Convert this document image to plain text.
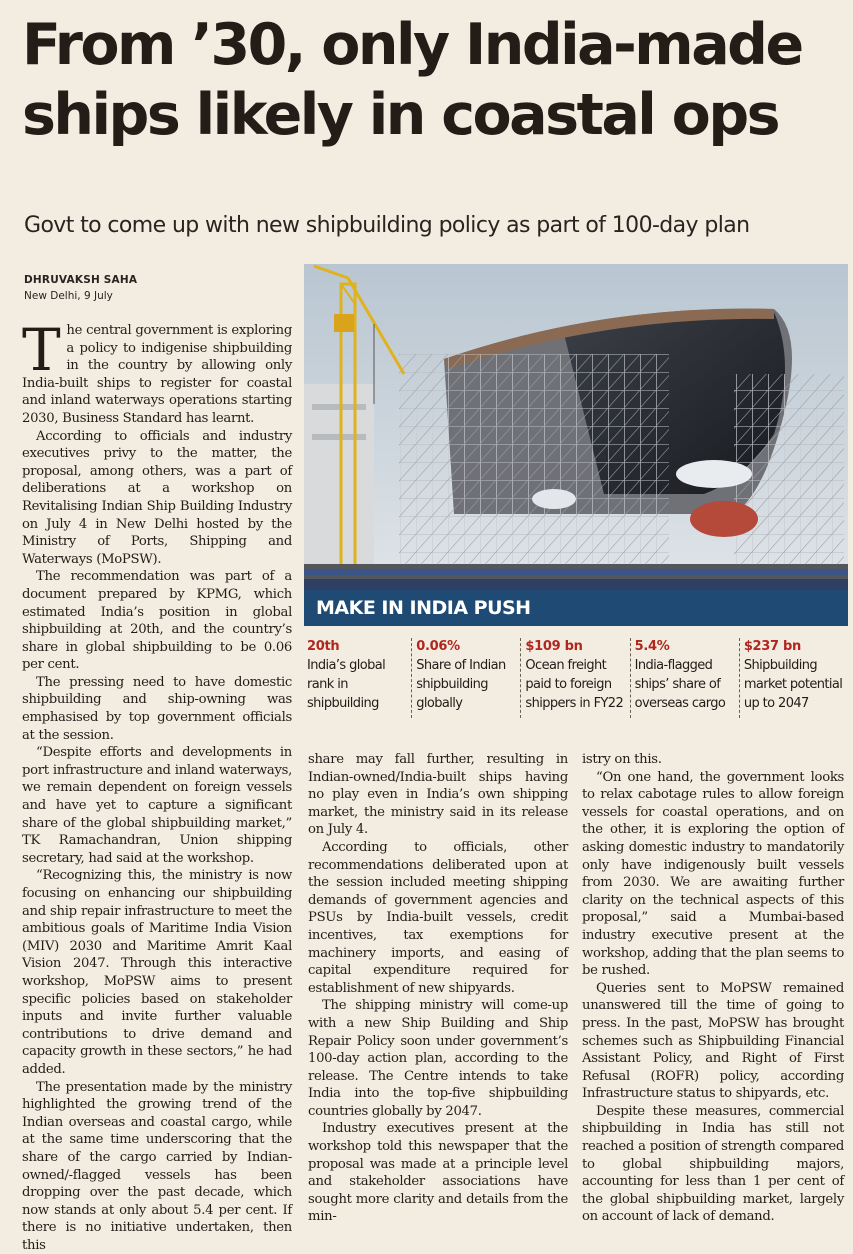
From ’30, only India-made ships likely in coastal ops
Govt to come up with new shipbuilding policy as part of 100-day plan
DHRUVAKSH SAHA
New Delhi, 9 July

The central government is exploring a policy to indigenise shipbuilding in the country by allowing only India-built ships to register for coastal and inland waterways operations starting 2030, Business Standard has learnt.

According to officials and industry executives privy to the matter, the proposal, among others, was a part of deliberations at a workshop on Revitalising Indian Ship Building Industry on July 4 in New Delhi hosted by the Ministry of Ports, Shipping and Waterways (MoPSW).

The recommendation was part of a document prepared by KPMG, which estimated India’s position in global shipbuilding at 20th, and the country’s share in global shipbuilding to be 0.06 per cent.

The pressing need to have domestic shipbuilding and ship-owning was emphasised by top government officials at the session.

“Despite efforts and developments in port infrastructure and inland waterways, we remain dependent on foreign vessels and have yet to capture a significant share of the global shipbuilding market,” TK Ramachandran, Union shipping secretary, had said at the workshop.

“Recognizing this, the ministry is now focusing on enhancing our shipbuilding and ship repair infrastructure to meet the ambitious goals of Maritime India Vision (MIV) 2030 and Maritime Amrit Kaal Vision 2047. Through this interactive workshop, MoPSW aims to present specific policies based on stakeholder inputs and invite further valuable contributions to drive demand and capacity growth in these sectors,” he had added.

The presentation made by the ministry highlighted the growing trend of the Indian overseas and coastal cargo, while at the same time underscoring that the share of the cargo carried by Indian-owned/-flagged vessels has been dropping over the past decade, which now stands at only about 5.4 per cent. If there is no initiative undertaken, then this

MAKE IN INDIA PUSH
20th
India’s global rank in shipbuilding
0.06%
Share of Indian shipbuilding globally
$109 bn
Ocean freight paid to foreign shippers in FY22
5.4%
India-flagged ships’ share of overseas cargo
$237 bn
Shipbuilding market potential up to 2047

share may fall further, resulting in Indian-owned/India-built ships having no play even in India’s own shipping market, the ministry said in its release on July 4.

According to officials, other recommendations deliberated upon at the session included meeting shipping demands of government agencies and PSUs by India-built vessels, credit incentives, tax exemptions for machinery imports, and easing of capital expenditure required for establishment of new shipyards.

The shipping ministry will come-up with a new Ship Building and Ship Repair Policy soon under government’s 100-day action plan, according to the release. The Centre intends to take India into the top-five shipbuilding countries globally by 2047.

Industry executives present at the workshop told this newspaper that the proposal was made at a principle level and stakeholder associations have sought more clarity and details from the min-

istry on this.

“On one hand, the government looks to relax cabotage rules to allow foreign vessels for coastal operations, and on the other, it is exploring the option of asking domestic industry to mandatorily only have indigenously built vessels from 2030. We are awaiting further clarity on the technical aspects of this proposal,” said a Mumbai-based industry executive present at the workshop, adding that the plan seems to be rushed.

Queries sent to MoPSW remained unanswered till the time of going to press. In the past, MoPSW has brought schemes such as Shipbuilding Financial Assistant Policy, and Right of First Refusal (ROFR) policy, according Infrastructure status to shipyards, etc.

Despite these measures, commercial shipbuilding in India has still not reached a position of strength compared to global shipbuilding majors, accounting for less than 1 per cent of the global shipbuilding market, largely on account of lack of demand.
